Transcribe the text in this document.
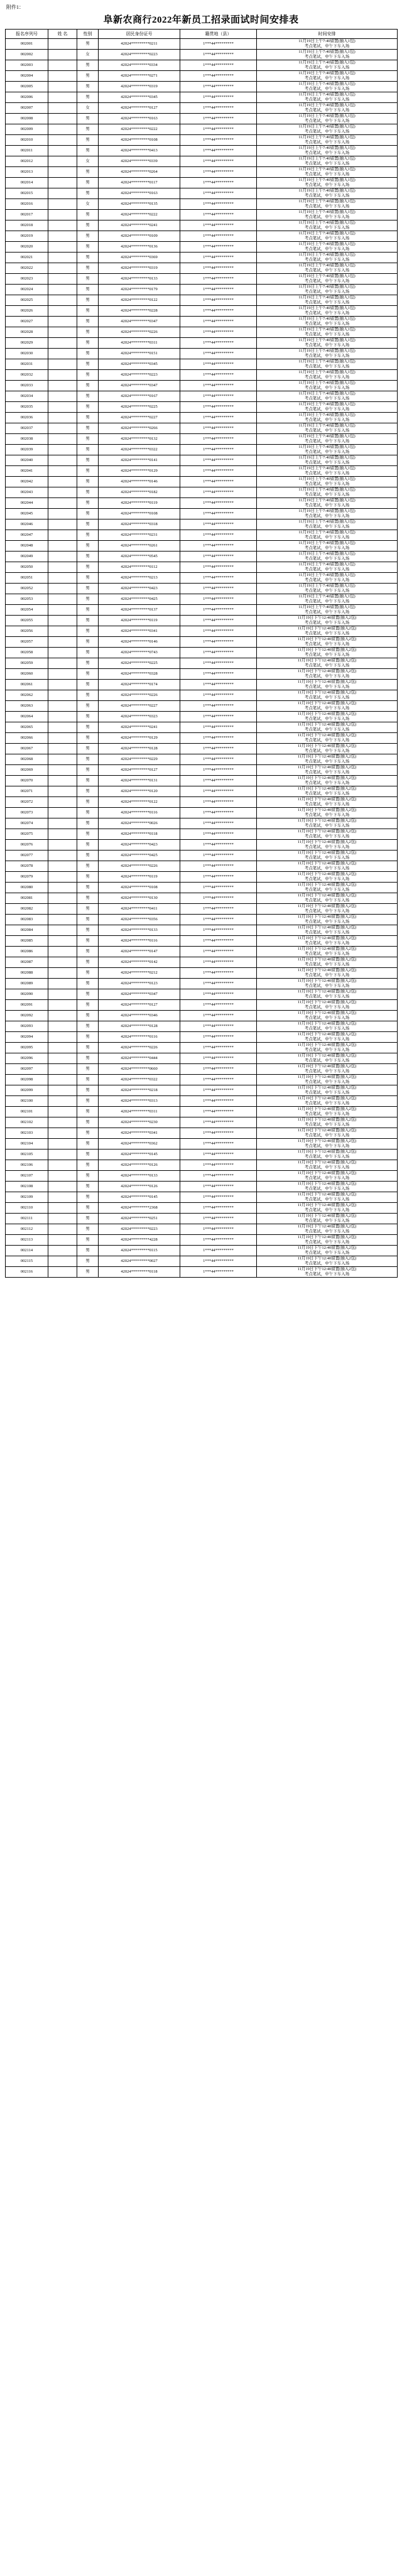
附件1：
阜新农商行2022年新员工招录面试时间安排表
报名序列号	姓 名	性别	居民身份证号	籍贯地（县）	时间安排
002001		男	42024*********0211	1***44*********	11月19日上午7:40留置(抽入1包)
考点笔试，中午下车入场

002002		女	42024*********0223	1***44*********	11月19日上午7:40留置(抽入1包)
考点笔试，中午下车入场

002003		男	42024*********0334	1***44*********	11月19日上午7:40留置(抽入1包)
考点笔试，中午下车入场

002004		男	42024*********0271	1***44*********	11月19日上午7:40留置(抽入1包)
考点笔试，中午下车入场

002005		男	42024*********0319	1***44*********	11月19日上午7:40留置(抽入1包)
考点笔试，中午下车入场

002006		男	42024*********0345	1***44*********	11月19日上午7:40留置(抽入1包)
考点笔试，中午下车入场

002007		女	42024*********0127	1***44*********	11月19日上午7:40留置(抽入1包)
考点笔试，中午下车入场

002008		男	42024*********0163	1***44*********	11月19日上午7:40留置(抽入1包)
考点笔试，中午下车入场

002009		男	42024*********0222	1***44*********	11月19日上午7:40留置(抽入1包)
考点笔试，中午下车入场

002010		男	42024*********0108	1***44*********	11月19日上午7:40留置(抽入1包)
考点笔试，中午下车入场

002011		男	42024*********0413	1***44*********	11月19日上午7:40留置(抽入1包)
考点笔试，中午下车入场

002012		女	42024*********0339	1***44*********	11月19日上午7:40留置(抽入1包)
考点笔试，中午下车入场

002013		男	42024*********0264	1***44*********	11月19日上午7:40留置(抽入1包)
考点笔试，中午下车入场

002014		男	42024*********0117	1***44*********	11月19日上午7:40留置(抽入1包)
考点笔试，中午下车入场

002015		男	42024*********0163	1***44*********	11月19日上午7:40留置(抽入1包)
考点笔试，中午下车入场

002016		女	42024*********0135	1***44*********	11月19日上午7:40留置(抽入1包)
考点笔试，中午下车入场

002017		男	42024*********0222	1***44*********	11月19日上午7:40留置(抽入1包)
考点笔试，中午下车入场

002018		男	42024*********0241	1***44*********	11月19日上午7:40留置(抽入1包)
考点笔试，中午下车入场

002019		男	42024*********0109	1***44*********	11月19日上午7:40留置(抽入1包)
考点笔试，中午下车入场

002020		男	42024*********0136	1***44*********	11月19日上午7:40留置(抽入1包)
考点笔试，中午下车入场

002021		男	42024*********0369	1***44*********	11月19日上午7:40留置(抽入1包)
考点笔试，中午下车入场

002022		男	42024*********0319	1***44*********	11月19日上午7:40留置(抽入1包)
考点笔试，中午下车入场

002023		男	42024*********0133	1***44*********	11月19日上午7:40留置(抽入1包)
考点笔试，中午下车入场

002024		男	42024*********0179	1***44*********	11月19日上午7:40留置(抽入1包)
考点笔试，中午下车入场

002025		男	42024*********0122	1***44*********	11月19日上午7:40留置(抽入1包)
考点笔试，中午下车入场

002026		男	42024*********0228	1***44*********	11月19日上午7:40留置(抽入1包)
考点笔试，中午下车入场

002027		男	42024*********0347	1***44*********	11月19日上午7:40留置(抽入1包)
考点笔试，中午下车入场

002028		男	42024*********0226	1***44*********	11月19日上午7:40留置(抽入1包)
考点笔试，中午下车入场

002029		男	42024*********0311	1***44*********	11月19日上午7:40留置(抽入1包)
考点笔试，中午下车入场

002030		男	42024*********0151	1***44*********	11月19日上午7:40留置(抽入1包)
考点笔试，中午下车入场

002031		男	42024*********0345	1***44*********	11月19日上午7:40留置(抽入1包)
考点笔试，中午下车入场

002032		男	42024*********0223	1***44*********	11月19日上午7:40留置(抽入1包)
考点笔试，中午下车入场

002033		男	42024*********0347	1***44*********	11月19日上午7:40留置(抽入1包)
考点笔试，中午下车入场

002034		男	42024*********0167	1***44*********	11月19日上午7:40留置(抽入1包)
考点笔试，中午下车入场

002035		男	42024*********0225	1***44*********	11月19日上午7:40留置(抽入1包)
考点笔试，中午下车入场

002036		男	42024*********0227	1***44*********	11月19日上午7:40留置(抽入1包)
考点笔试，中午下车入场

002037		男	42024*********0266	1***44*********	11月19日上午7:40留置(抽入1包)
考点笔试，中午下车入场

002038		男	42024*********0132	1***44*********	11月19日上午7:40留置(抽入1包)
考点笔试，中午下车入场

002039		男	42024*********0322	1***44*********	11月19日上午7:40留置(抽入1包)
考点笔试，中午下车入场

002040		男	42024*********0141	1***44*********	11月19日上午7:40留置(抽入1包)
考点笔试，中午下车入场

002041		男	42024*********0129	1***44*********	11月19日上午7:40留置(抽入1包)
考点笔试，中午下车入场

002042		男	42024*********0146	1***44*********	11月19日上午7:40留置(抽入1包)
考点笔试，中午下车入场

002043		男	42024*********0182	1***44*********	11月19日上午7:40留置(抽入1包)
考点笔试，中午下车入场

002044		男	42024*********0119	1***44*********	11月19日上午7:40留置(抽入1包)
考点笔试，中午下车入场

002045		男	42024*********0108	1***44*********	11月19日上午7:40留置(抽入1包)
考点笔试，中午下车入场

002046		男	42024*********0318	1***44*********	11月19日上午7:40留置(抽入1包)
考点笔试，中午下车入场

002047		男	42024*********0231	1***44*********	11月19日上午7:40留置(抽入1包)
考点笔试，中午下车入场

002048		男	42024*********0261	1***44*********	11月19日上午7:40留置(抽入1包)
考点笔试，中午下车入场

002049		男	42024*********0545	1***44*********	11月19日上午7:40留置(抽入1包)
考点笔试，中午下车入场

002050		男	42024*********0112	1***44*********	11月19日上午7:40留置(抽入1包)
考点笔试，中午下车入场

002051		男	42024*********0213	1***44*********	11月19日上午7:40留置(抽入1包)
考点笔试，中午下车入场

002052		男	42024*********0423	1***44*********	11月19日上午7:40留置(抽入1包)
考点笔试，中午下车入场

002053		男	42024*********0425	1***44*********	11月19日上午7:40留置(抽入1包)
考点笔试，中午下车入场

002054		男	42024*********0137	1***44*********	11月19日上午7:40留置(抽入1包)
考点笔试，中午下车入场

002055		男	42024*********0119	1***44*********	11月19日下午12:40留置(抽入2包)
考点笔试，中午下车入场

002056		男	42024*********0341	1***44*********	11月19日下午12:40留置(抽入2包)
考点笔试，中午下车入场

002057		男	42024*********0146	1***44*********	11月19日下午12:40留置(抽入2包)
考点笔试，中午下车入场

002058		男	42024*********0743	1***44*********	11月19日下午12:40留置(抽入2包)
考点笔试，中午下车入场

002059		男	42024*********0225	1***44*********	11月19日下午12:40留置(抽入2包)
考点笔试，中午下车入场

002060		男	42024*********0328	1***44*********	11月19日下午12:40留置(抽入2包)
考点笔试，中午下车入场

002061		男	42024*********0174	1***44*********	11月19日下午12:40留置(抽入2包)
考点笔试，中午下车入场

002062		男	42024*********0226	1***44*********	11月19日下午12:40留置(抽入2包)
考点笔试，中午下车入场

002063		男	42024*********0227	1***44*********	11月19日下午12:40留置(抽入2包)
考点笔试，中午下车入场

002064		男	42024*********0323	1***44*********	11月19日下午12:40留置(抽入2包)
考点笔试，中午下车入场

002065		男	42024*********0241	1***44*********	11月19日下午12:40留置(抽入2包)
考点笔试，中午下车入场

002066		男	42024*********0129	1***44*********	11月19日下午12:40留置(抽入2包)
考点笔试，中午下车入场

002067		男	42024*********0128	1***44*********	11月19日下午12:40留置(抽入2包)
考点笔试，中午下车入场

002068		男	42024*********0229	1***44*********	11月19日下午12:40留置(抽入2包)
考点笔试，中午下车入场

002069		男	42024*********0127	1***44*********	11月19日下午12:40留置(抽入2包)
考点笔试，中午下车入场

002070		男	42024*********0131	1***44*********	11月19日下午12:40留置(抽入2包)
考点笔试，中午下车入场

002071		男	42024*********0120	1***44*********	11月19日下午12:40留置(抽入2包)
考点笔试，中午下车入场

002072		男	42024*********0122	1***44*********	11月19日下午12:40留置(抽入2包)
考点笔试，中午下车入场

002073		男	42024*********0116	1***44*********	11月19日下午12:40留置(抽入2包)
考点笔试，中午下车入场

002074		男	42024*********0026	1***44*********	11月19日下午12:40留置(抽入2包)
考点笔试，中午下车入场

002075		男	42024*********0118	1***44*********	11月19日下午12:40留置(抽入2包)
考点笔试，中午下车入场

002076		男	42024*********0423	1***44*********	11月19日下午12:40留置(抽入2包)
考点笔试，中午下车入场

002077		男	42024*********0425	1***44*********	11月19日下午12:40留置(抽入2包)
考点笔试，中午下车入场

002078		男	42024*********0226	1***44*********	11月19日下午12:40留置(抽入2包)
考点笔试，中午下车入场

002079		男	42024*********0119	1***44*********	11月19日下午12:40留置(抽入2包)
考点笔试，中午下车入场

002080		男	42024*********0108	1***44*********	11月19日下午12:40留置(抽入2包)
考点笔试，中午下车入场

002081		男	42024*********0130	1***44*********	11月19日下午12:40留置(抽入2包)
考点笔试，中午下车入场

002082		男	42024*********0411	1***44*********	11月19日下午12:40留置(抽入2包)
考点笔试，中午下车入场

002083		男	42024*********0356	1***44*********	11月19日下午12:40留置(抽入2包)
考点笔试，中午下车入场

002084		男	42024*********0133	1***44*********	11月19日下午12:40留置(抽入2包)
考点笔试，中午下车入场

002085		男	42024*********0116	1***44*********	11月19日下午12:40留置(抽入2包)
考点笔试，中午下车入场

002086		男	42024*********0147	1***44*********	11月19日下午12:40留置(抽入2包)
考点笔试，中午下车入场

002087		男	42024*********0142	1***44*********	11月19日下午12:40留置(抽入2包)
考点笔试，中午下车入场

002088		男	42024*********0212	1***44*********	11月19日下午12:40留置(抽入2包)
考点笔试，中午下车入场

002089		男	42024*********0123	1***44*********	11月19日下午12:40留置(抽入2包)
考点笔试，中午下车入场

002090		男	42024*********0347	1***44*********	11月19日下午12:40留置(抽入2包)
考点笔试，中午下车入场

002091		男	42024*********0127	1***44*********	11月19日下午12:40留置(抽入2包)
考点笔试，中午下车入场

002092		男	42024*********0346	1***44*********	11月19日下午12:40留置(抽入2包)
考点笔试，中午下车入场

002093		男	42024*********0128	1***44*********	11月19日下午12:40留置(抽入2包)
考点笔试，中午下车入场

002094		男	42024*********0116	1***44*********	11月19日下午12:40留置(抽入2包)
考点笔试，中午下车入场

002095		男	42024*********0226	1***44*********	11月19日下午12:40留置(抽入2包)
考点笔试，中午下车入场

002096		男	42024*********0444	1***44*********	11月19日下午12:40留置(抽入2包)
考点笔试，中午下车入场

002097		男	42024*********0660	1***44*********	11月19日下午12:40留置(抽入2包)
考点笔试，中午下车入场

002098		男	42024*********0322	1***44*********	11月19日下午12:40留置(抽入2包)
考点笔试，中午下车入场

002099		男	42024*********0218	1***44*********	11月19日下午12:40留置(抽入2包)
考点笔试，中午下车入场

002100		男	42024*********0313	1***44*********	11月19日下午12:40留置(抽入2包)
考点笔试，中午下车入场

002101		男	42024*********0311	1***44*********	11月19日下午12:40留置(抽入2包)
考点笔试，中午下车入场

002102		男	42024*********0230	1***44*********	11月19日下午12:40留置(抽入2包)
考点笔试，中午下车入场

002103		男	42024*********0341	1***44*********	11月19日下午12:40留置(抽入2包)
考点笔试，中午下车入场

002104		男	42024*********0362	1***44*********	11月19日下午12:40留置(抽入2包)
考点笔试，中午下车入场

002105		男	42024*********0145	1***44*********	11月19日下午12:40留置(抽入2包)
考点笔试，中午下车入场

002106		男	42024*********0126	1***44*********	11月19日下午12:40留置(抽入2包)
考点笔试，中午下车入场

002107		男	42024*********0133	1***44*********	11月19日下午12:40留置(抽入2包)
考点笔试，中午下车入场

002108		男	42024*********0126	1***44*********	11月19日下午12:40留置(抽入2包)
考点笔试，中午下车入场

002109		男	42024*********0145	1***44*********	11月19日下午12:40留置(抽入2包)
考点笔试，中午下车入场

002110		男	42024*********2368	1***44*********	11月19日下午12:40留置(抽入2包)
考点笔试，中午下车入场

002111		男	42024*********0251	1***44*********	11月19日下午12:40留置(抽入2包)
考点笔试，中午下车入场

002112		男	42024*********0223	1***44*********	11月19日下午12:40留置(抽入2包)
考点笔试，中午下车入场

002113		男	42024*********4228	1***44*********	11月19日下午12:40留置(抽入2包)
考点笔试，中午下车入场

002114		男	42024*********0115	1***44*********	11月19日下午12:40留置(抽入2包)
考点笔试，中午下车入场

002115		男	42024*********0027	1***44*********	11月19日下午12:40留置(抽入2包)
考点笔试，中午下车入场

002116		男	42024*********0118	1***44*********	11月19日下午12:40留置(抽入2包)
考点笔试，中午下车入场
